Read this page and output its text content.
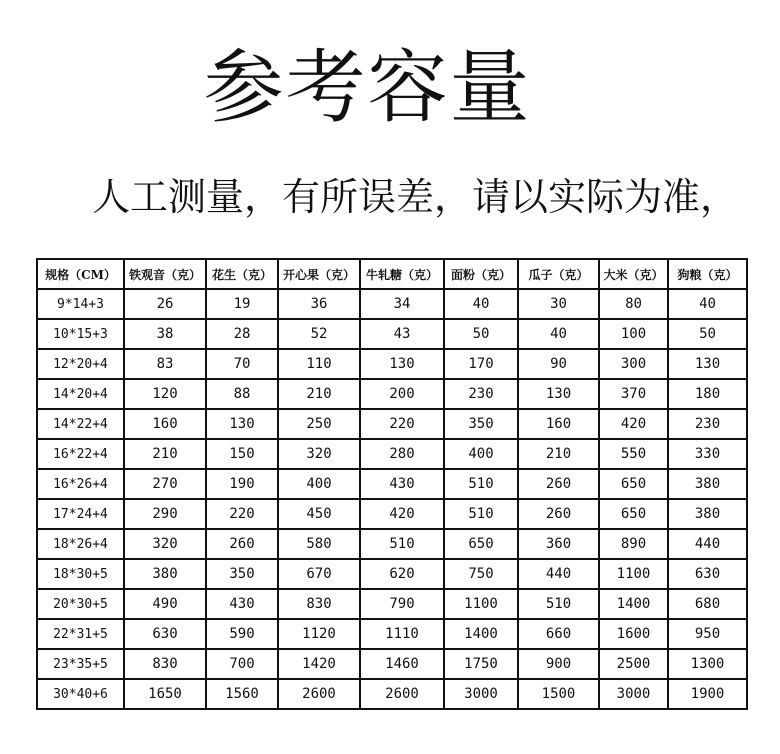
参考容量
人工测量，有所误差，请以实际为准，
规格（CM）	铁观音（克）	花生（克）	开心果（克）	牛轧糖（克）	面粉（克）	瓜子（克）	大米（克）	狗粮（克）
9*14+3	26	19	36	34	40	30	80	40
10*15+3	38	28	52	43	50	40	100	50
12*20+4	83	70	110	130	170	90	300	130
14*20+4	120	88	210	200	230	130	370	180
14*22+4	160	130	250	220	350	160	420	230
16*22+4	210	150	320	280	400	210	550	330
16*26+4	270	190	400	430	510	260	650	380
17*24+4	290	220	450	420	510	260	650	380
18*26+4	320	260	580	510	650	360	890	440
18*30+5	380	350	670	620	750	440	1100	630
20*30+5	490	430	830	790	1100	510	1400	680
22*31+5	630	590	1120	1110	1400	660	1600	950
23*35+5	830	700	1420	1460	1750	900	2500	1300
30*40+6	1650	1560	2600	2600	3000	1500	3000	1900
